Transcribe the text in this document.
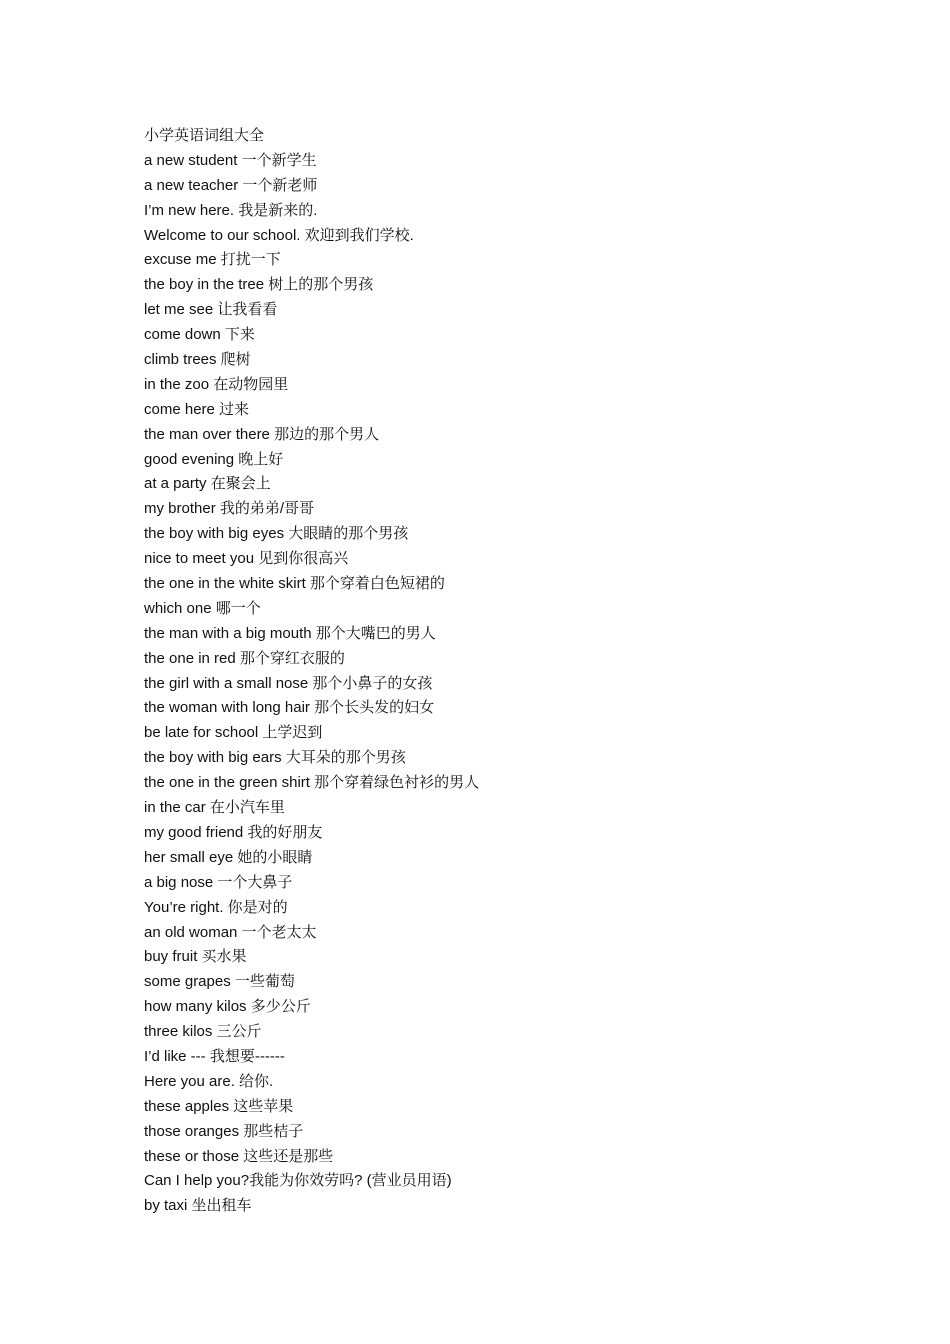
小学英语词组大全
a new student 一个新学生
a new teacher 一个新老师
I’m new here. 我是新来的.
Welcome to our school. 欢迎到我们学校.
excuse me 打扰一下
the boy in the tree 树上的那个男孩
let me see 让我看看
come down 下来
climb trees 爬树
in the zoo 在动物园里
come here 过来
the man over there 那边的那个男人
good evening 晚上好
at a party 在聚会上
my brother 我的弟弟/哥哥
the boy with big eyes 大眼睛的那个男孩
nice to meet you 见到你很高兴
the one in the white skirt 那个穿着白色短裙的
which one 哪一个
the man with a big mouth 那个大嘴巴的男人
the one in red 那个穿红衣服的
the girl with a small nose 那个小鼻子的女孩
the woman with long hair 那个长头发的妇女
be late for school 上学迟到
the boy with big ears 大耳朵的那个男孩
the one in the green shirt 那个穿着绿色衬衫的男人
in the car 在小汽车里
my good friend 我的好朋友
her small eye 她的小眼睛
a big nose 一个大鼻子
You’re right. 你是对的
an old woman 一个老太太
buy fruit 买水果
some grapes 一些葡萄
how many kilos 多少公斤
three kilos 三公斤
I’d like --- 我想要------
Here you are. 给你.
these apples 这些苹果
those oranges 那些桔子
these or those 这些还是那些
Can I help you?我能为你效劳吗? (营业员用语)
by taxi 坐出租车
